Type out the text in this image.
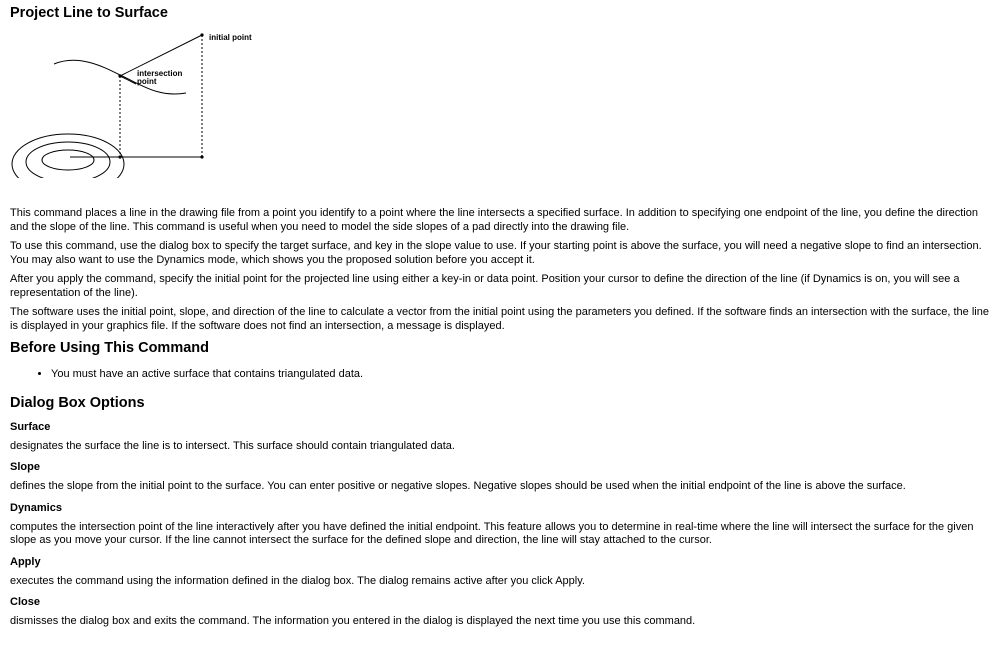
Project Line to Surface
initial point
intersection
point

This command places a line in the drawing file from a point you identify to a point where the line intersects a specified surface. In addition to specifying one endpoint of the line, you define the direction and the slope of the line. This command is useful when you need to model the side slopes of a pad directly into the drawing file.

To use this command, use the dialog box to specify the target surface, and key in the slope value to use. If your starting point is above the surface, you will need a negative slope to find an intersection. You may also want to use the Dynamics mode, which shows you the proposed solution before you accept it.

After you apply the command, specify the initial point for the projected line using either a key-in or data point. Position your cursor to define the direction of the line (if Dynamics is on, you will see a representation of the line).

The software uses the initial point, slope, and direction of the line to calculate a vector from the initial point using the parameters you defined. If the software finds an intersection with the surface, the line is displayed in your graphics file. If the software does not find an intersection, a message is displayed.

Before Using This Command
• You must have an active surface that contains triangulated data.
Dialog Box Options
Surface

designates the surface the line is to intersect. This surface should contain triangulated data.

Slope

defines the slope from the initial point to the surface. You can enter positive or negative slopes. Negative slopes should be used when the initial endpoint of the line is above the surface.

Dynamics

computes the intersection point of the line interactively after you have defined the initial endpoint. This feature allows you to determine in real-time where the line will intersect the surface for the given slope as you move your cursor. If the line cannot intersect the surface for the defined slope and direction, the line will stay attached to the cursor.

Apply

executes the command using the information defined in the dialog box. The dialog remains active after you click Apply.

Close

dismisses the dialog box and exits the command. The information you entered in the dialog is displayed the next time you use this command.
